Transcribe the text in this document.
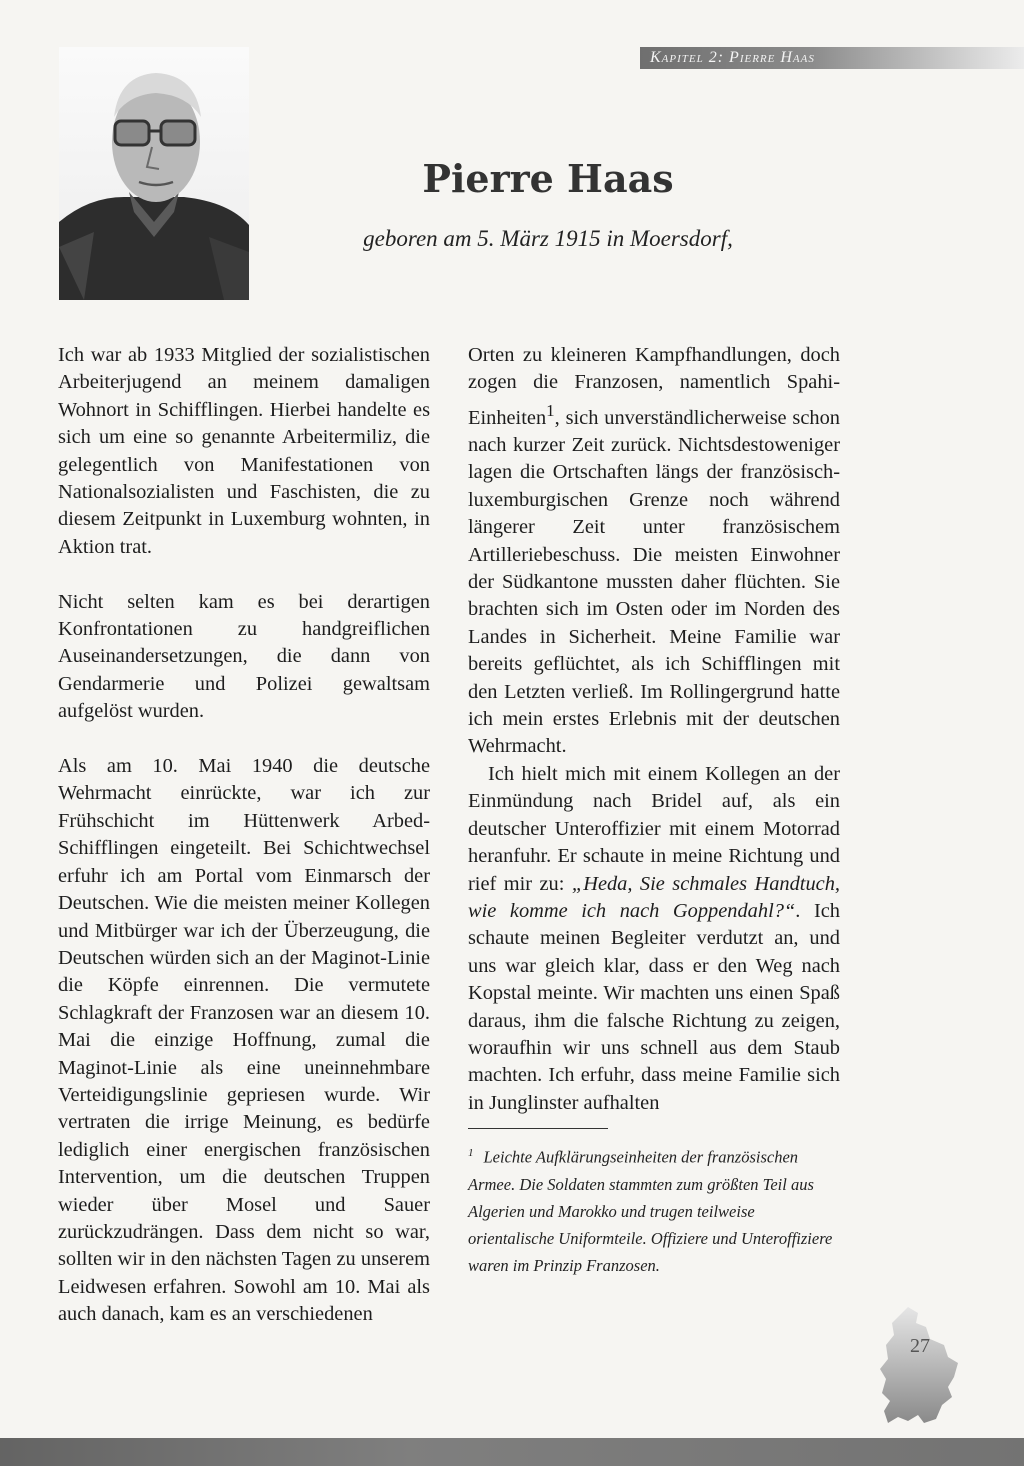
Kapitel 2: Pierre Haas
Pierre Haas
geboren am 5. März 1915 in Moersdorf,

Ich war ab 1933 Mitglied der sozialistischen Arbeiterjugend an meinem damaligen Wohnort in Schifflingen. Hierbei handelte es sich um eine so genannte Arbeitermiliz, die gelegentlich von Manifestationen von Nationalsozialisten und Faschisten, die zu diesem Zeitpunkt in Luxemburg wohnten, in Aktion trat.

Nicht selten kam es bei derartigen Konfrontationen zu handgreiflichen Auseinandersetzungen, die dann von Gendarmerie und Polizei gewaltsam aufgelöst wurden.

Als am 10. Mai 1940 die deutsche Wehrmacht einrückte, war ich zur Frühschicht im Hüttenwerk Arbed-Schifflingen eingeteilt. Bei Schichtwechsel erfuhr ich am Portal vom Einmarsch der Deutschen. Wie die meisten meiner Kollegen und Mitbürger war ich der Überzeugung, die Deutschen würden sich an der Maginot-Linie die Köpfe einrennen. Die vermutete Schlagkraft der Franzosen war an diesem 10. Mai die einzige Hoffnung, zumal die Maginot-Linie als eine uneinnehmbare Verteidigungslinie gepriesen wurde. Wir vertraten die irrige Meinung, es bedürfe lediglich einer energischen französischen Intervention, um die deutschen Truppen wieder über Mosel und Sauer zurückzudrängen. Dass dem nicht so war, sollten wir in den nächsten Tagen zu unserem Leidwesen erfahren. Sowohl am 10. Mai als auch danach, kam es an verschiedenen

Orten zu kleineren Kampfhandlungen, doch zogen die Franzosen, namentlich Spahi-Einheiten$^1$, sich unverständlicherweise schon nach kurzer Zeit zurück. Nichtsdestoweniger lagen die Ortschaften längs der französisch-luxemburgischen Grenze noch während längerer Zeit unter französischem Artilleriebeschuss. Die meisten Einwohner der Südkantone mussten daher flüchten. Sie brachten sich im Osten oder im Norden des Landes in Sicherheit. Meine Familie war bereits geflüchtet, als ich Schifflingen mit den Letzten verließ. Im Rollingergrund hatte ich mein erstes Erlebnis mit der deutschen Wehrmacht.

Ich hielt mich mit einem Kollegen an der Einmündung nach Bridel auf, als ein deutscher Unteroffizier mit einem Motorrad heranfuhr. Er schaute in meine Richtung und rief mir zu: „Heda, Sie schmales Handtuch, wie komme ich nach Goppendahl?“. Ich schaute meinen Begleiter verdutzt an, und uns war gleich klar, dass er den Weg nach Kopstal meinte. Wir machten uns einen Spaß daraus, ihm die falsche Richtung zu zeigen, woraufhin wir uns schnell aus dem Staub machten. Ich erfuhr, dass meine Familie sich in Junglinster aufhalten

$^1$ Leichte Aufklärungseinheiten der französischen Armee. Die Soldaten stammten zum größten Teil aus Algerien und Marokko und trugen teilweise orientalische Uniformteile. Offiziere und Unteroffiziere waren im Prinzip Franzosen.
27
